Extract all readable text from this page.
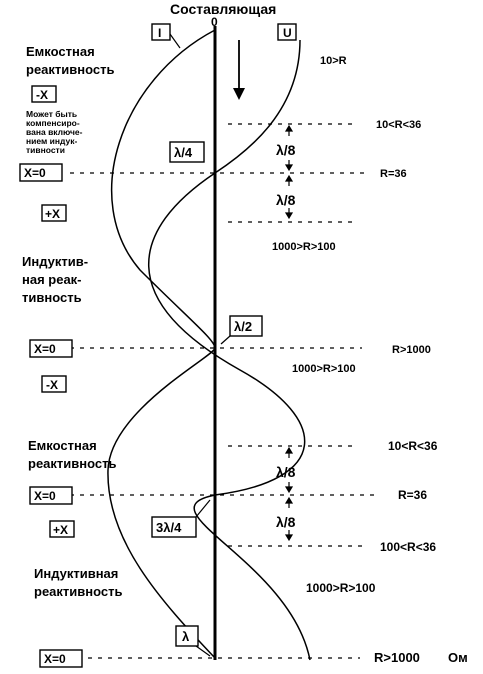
Составляющая
0
I	U
Емкостная
реактивность
Может быть
компенсиро-
вана включе-
нием индук-
тивности
Индуктив-
ная реак-
тивность
Емкостная
реактивность
Индуктивная
реактивность
-X
X=0
+X
X=0
-X
X=0
+X
X=0
λ/4
λ/2
3λ/4
λ
λ/8
λ/8
λ/8
λ/8
10>R
10<R<36
R=36
1000>R>100
R>1000
1000>R>100
10<R<36
R=36
100<R<36
1000>R>100
R>1000 Ом
